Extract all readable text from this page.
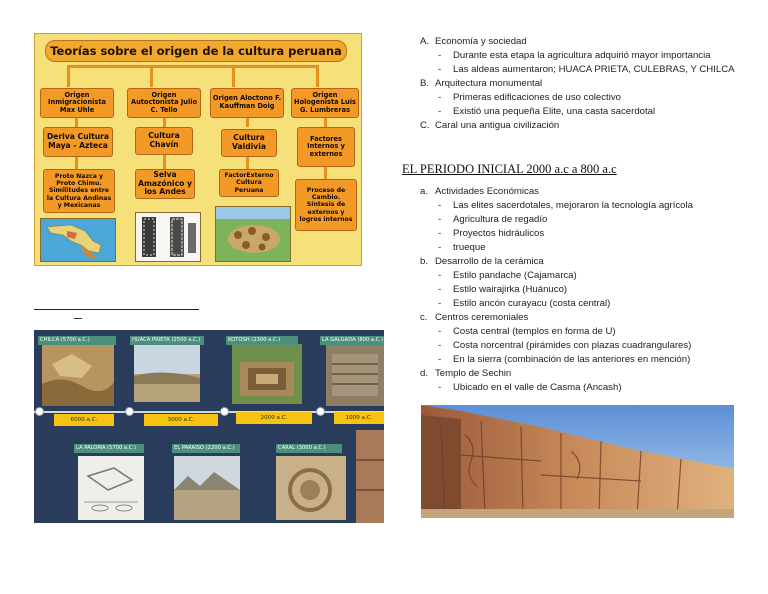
Teorías sobre el origen de la cultura peruana
Origen Inmigracionista Max Uhle
Origen Autoctonista Julio C. Tello
Origen Aloctono F. Kauffman Doig
Origen Hologenista Luis G. Lumbreras
Deriva Cultura Maya - Azteca
Cultura Chavín
Cultura Valdivia
Factores Internos y externos
Proto Nazca y Proto Chimu. Similitudes entre la Cultura Andinas y Mexicanas
Selva Amazónico y los Andes
FactorExterno Cultura Peruana	Proceso de Cambio. Síntesis de externos y logros internos
A. Economía y sociedad
- Durante esta etapa la agricultura adquirió mayor importancia
- Las aldeas aumentaron; HUACA PRIETA, CULEBRAS, Y CHILCA
B. Arquitectura monumental
- Primeras edificaciones de uso colectivo
- Existió una pequeña Elite, una casta sacerdotal
C. Caral una antigua civilización
EL PERIODO INICIAL 2000 a.c a 800 a.c
a. Actividades Económicas
- Las elites sacerdotales, mejoraron la tecnología agrícola
- Agricultura de regadío
- Proyectos hidráulicos
- trueque
b. Desarrollo de la cerámica
- Estilo pandache (Cajamarca)
- Estilo wairajirka (Huánuco)
- Estilo ancón curayacu (costa central)
c. Centros ceremoniales
- Costa central (templos en forma de U)
- Costa norcentral (pirámides con plazas cuadrangulares)
- En la sierra (combinación de las anteriores en mención)
d. Templo de Sechin
- Ubicado en el valle de Casma (Ancash)
CHILCA (5700 a.C.)	HUACA PRIETA (2500 a.C.)	KOTOSH (2300 a.C.)	LA GALGADA (800 a.C.)
6000 a.C.	3000 a.C.	2000 a.C.	1000 a.C.
LA PALOMA (5700 a.C.)	EL PARAISO (2200 a.C.)	CARAL (3000 a.C.)
